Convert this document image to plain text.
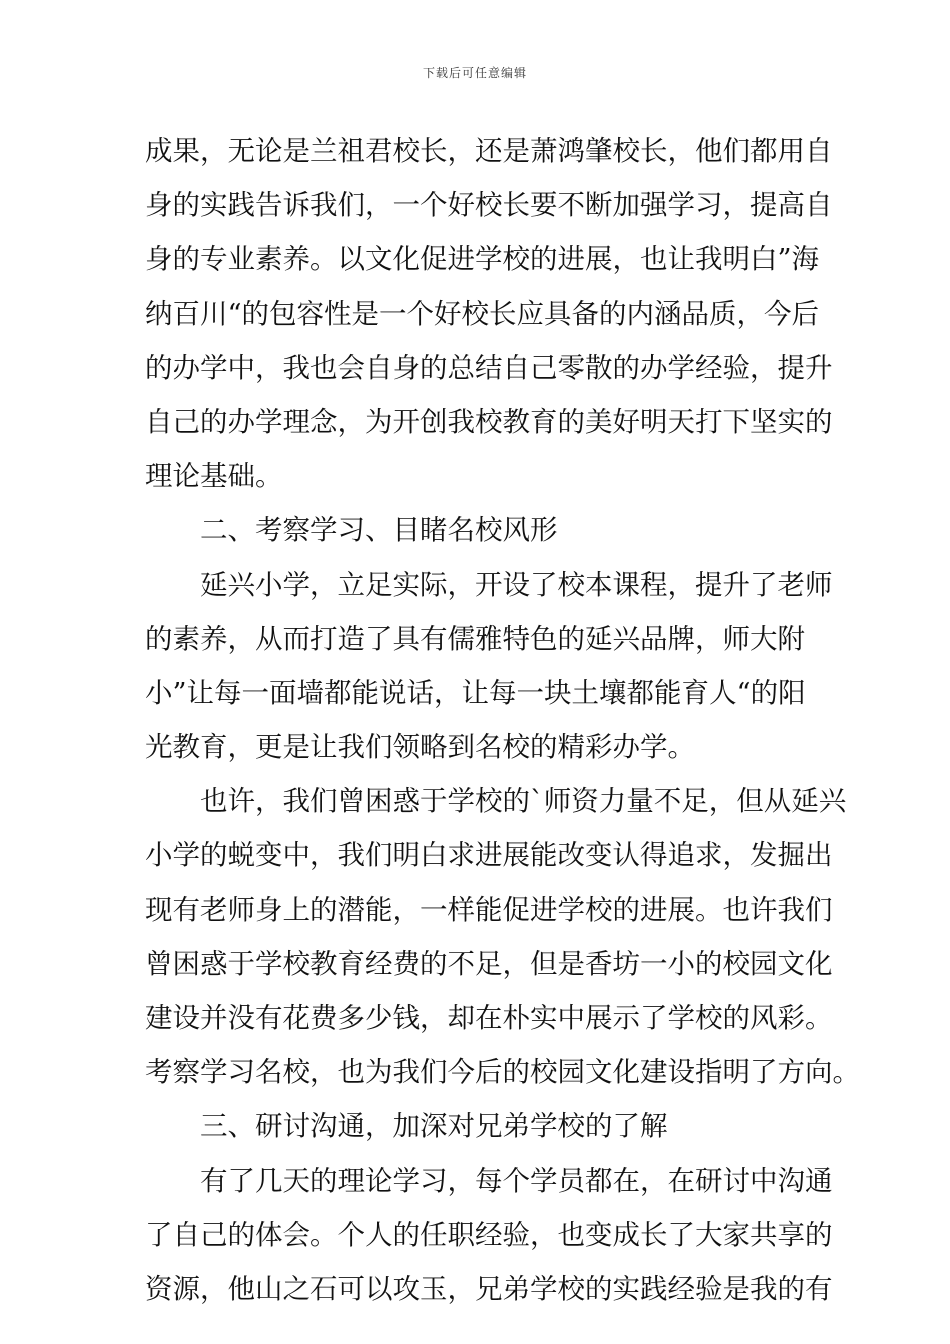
下载后可任意编辑
成果，无论是兰祖君校长，还是萧鸿肇校长，他们都用自
身的实践告诉我们，一个好校长要不断加强学习，提高自
身的专业素养。以文化促进学校的进展，也让我明白”海
纳百川“的包容性是一个好校长应具备的内涵品质，今后
的办学中，我也会自身的总结自己零散的办学经验，提升
自己的办学理念，为开创我校教育的美好明天打下坚实的
理论基础。
二、考察学习、目睹名校风形
延兴小学，立足实际，开设了校本课程，提升了老师
的素养，从而打造了具有儒雅特色的延兴品牌，师大附
小”让每一面墙都能说话，让每一块土壤都能育人“的阳
光教育，更是让我们领略到名校的精彩办学。
也许，我们曾困惑于学校的`师资力量不足，但从延兴
小学的蜕变中，我们明白求进展能改变认得追求，发掘出
现有老师身上的潜能，一样能促进学校的进展。也许我们
曾困惑于学校教育经费的不足，但是香坊一小的校园文化
建设并没有花费多少钱，却在朴实中展示了学校的风彩。
考察学习名校，也为我们今后的校园文化建设指明了方向。
三、研讨沟通，加深对兄弟学校的了解
有了几天的理论学习，每个学员都在，在研讨中沟通
了自己的体会。个人的任职经验，也变成长了大家共享的
资源，他山之石可以攻玉，兄弟学校的实践经验是我的有
